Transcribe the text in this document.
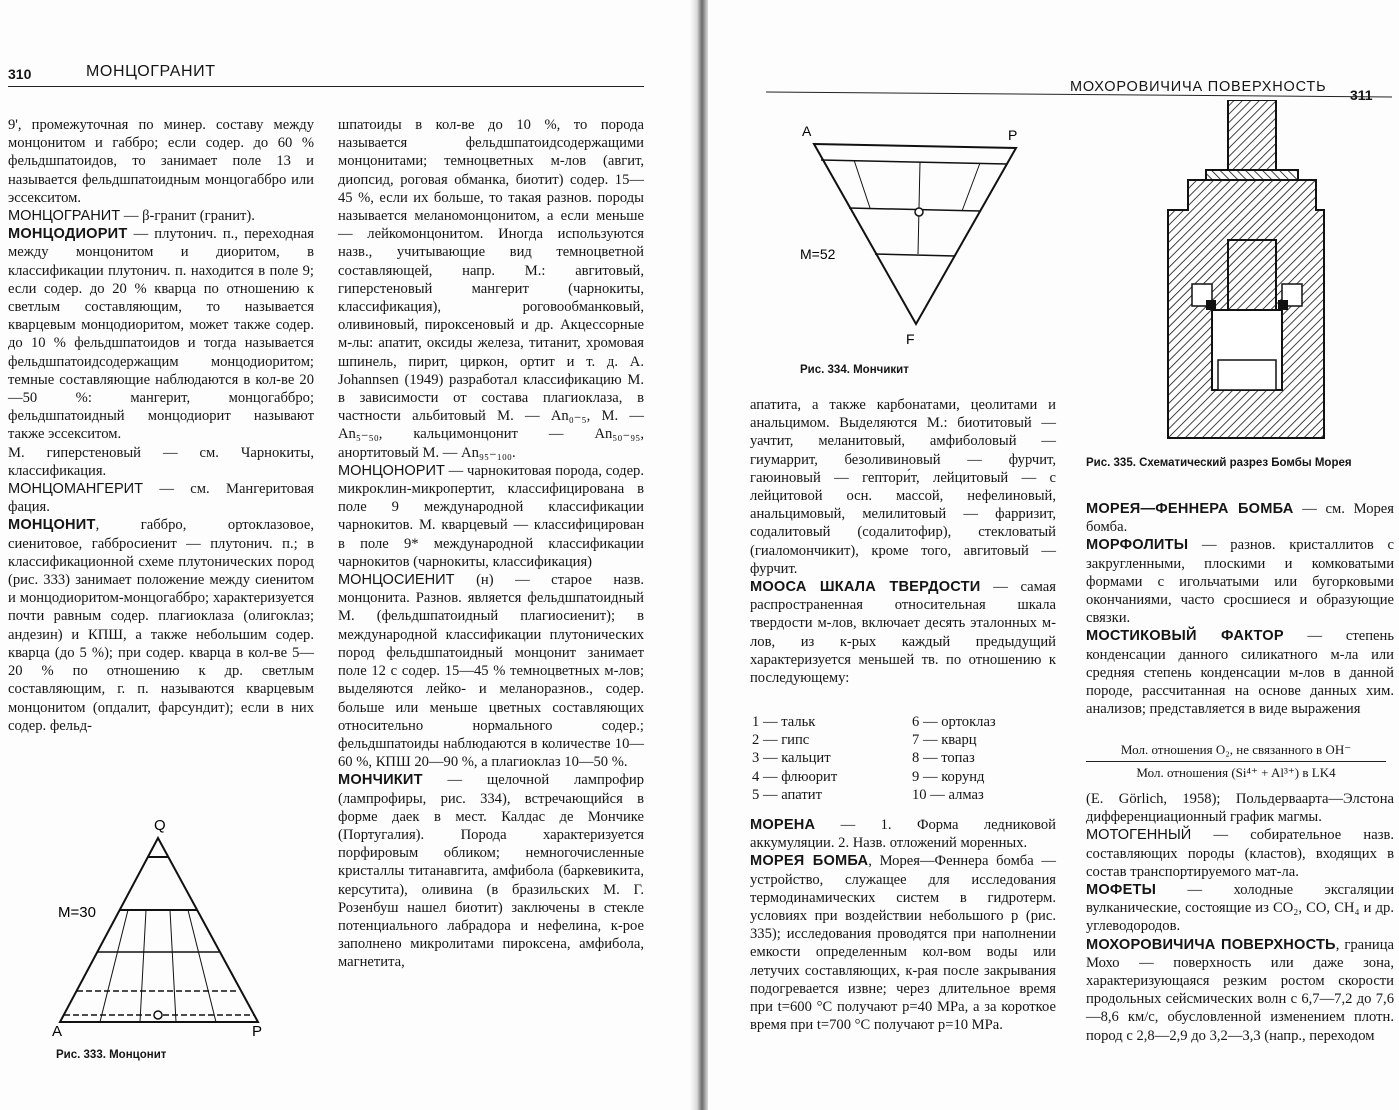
310	МОНЦОГРАНИТ

9', промежуточная по минер. составу между монцонитом и габбро; если содер. до 60 % фельдшпатоидов, то занимает поле 13 и называется фельдшпатоидным монцогаббро или эссекситом.

МОНЦОГРАНИТ — β-гранит (гранит).

МОНЦОДИОРИТ — плутонич. п., переходная между монцонитом и диоритом, в классификации плутонич. п. находится в поле 9; если содер. до 20 % кварца по отношению к светлым составляющим, то называется кварцевым монцодиоритом, может также содер. до 10 % фельдшпатоидов и тогда называется фельдшпатоидсодержащим монцодиоритом; темные составляющие наблюдаются в кол-ве 20—50 %: мангерит, монцогаббро; фельдшпатоидный монцодиорит называют также эссекситом.

М. гиперстеновый — см. Чарнокиты, классификация.

МОНЦОМАНГЕРИТ — см. Мангеритовая фация.

МОНЦОНИТ, габбро, ортоклазовое, сиенитовое, габбросиенит — плутонич. п.; в классификационной схеме плутонических пород (рис. 333) занимает положение между сиенитом и монцодиоритом-монцогаббро; характеризуется почти равным содер. плагиоклаза (олигоклаз; андезин) и КПШ, а также небольшим содер. кварца (до 5 %); при содер. кварца в кол-ве 5—20 % по отношению к др. светлым составляющим, г. п. называются кварцевым монцонитом (опдалит, фарсундит); если в них содер. фельд-

шпатоиды в кол-ве до 10 %, то порода называется фельдшпатоидсодержащими монцонитами; темноцветных м-лов (авгит, диопсид, роговая обманка, биотит) содер. 15—45 %, если их больше, то такая разнов. породы называется меланомонцонитом, а если меньше — лейкомонцонитом. Иногда используются назв., учитывающие вид темноцветной составляющей, напр. М.: авгитовый, гиперстеновый мангерит (чарнокиты, классификация), роговообманковый, оливиновый, пироксеновый и др. Акцессорные м-лы: апатит, оксиды железа, титанит, хромовая шпинель, пирит, циркон, ортит и т. д. A. Johannsen (1949) разработал классификацию М. в зависимости от состава плагиоклаза, в частности альбитовый М. — An₀₋₅, М. — An₅₋₅₀, кальцимонцонит — An₅₀₋₉₅, анортитовый М. — An₉₅₋₁₀₀.

МОНЦОНОРИТ — чарнокитовая порода, содер. микроклин-микропертит, классифицирована в поле 9 международной классификации чарнокитов. М. кварцевый — классифицирован в поле 9* международной классификации чарнокитов (чарнокиты, классификация)

МОНЦОСИЕНИТ (н) — старое назв. монцонита. Разнов. является фельдшпатоидный М. (фельдшпатоидный плагиосиенит); в международной классификации плутонических пород фельдшпатоидный монцонит занимает поле 12 с содер. 15—45 % темноцветных м-лов; выделяются лейко- и меланоразнов., содер. больше или меньше цветных составляющих относительно нормального содер.; фельдшпатоиды наблюдаются в количестве 10—60 %, КПШ 20—90 %, а плагиоклаз 10—50 %.

МОНЧИКИТ — щелочной лампрофир (лампрофиры, рис. 334), встречающийся в форме даек в мест. Калдас де Мончике (Португалия). Порода характеризуется порфировым обликом; немногочисленные кристаллы титанавгита, амфибола (баркевикита, керсутита), оливина (в бразильских М. Г. Розенбуш нашел биотит) заключены в стекле потенциального лабрадора и нефелина, к-рое заполнено микролитами пироксена, амфибола, магнетита,

Q
M=30
A	P
Рис. 333. Монцонит
МОХОРОВИЧИЧА ПОВЕРХНОСТЬ 311
A	P
M=52
F
Рис. 334. Мончикит

апатита, а также карбонатами, цеолитами и анальцимом. Выделяются М.: биотитовый — уачтит, меланитовый, амфиболовый — гиумаррит, безоливиновый — фурчит, гаюиновый — гептори́т, лейцитовый — с лейцитовой осн. массой, нефелиновый, анальцимовый, мелилитовый — фарризит, содалитовый (содалитофир), стекловатый (гиаломончикит), кроме того, авгитовый — фурчит.

МООСА ШКАЛА ТВЕРДОСТИ — самая распространенная относительная шкала твердости м-лов, включает десять эталонных м-лов, из к-рых каждый предыдущий характеризуется меньшей тв. по отношению к последующему:

1 — тальк	6 — ортоклаз
2 — гипс	7 — кварц
3 — кальцит	8 — топаз
4 — флюорит	9 — корунд
5 — апатит	10 — алмаз

МОРЕНА — 1. Форма ледниковой аккумуляции. 2. Назв. отложений моренных.

МОРЕЯ БОМБА, Морея—Феннера бомба — устройство, служащее для исследования термодинамических систем в гидротерм. условиях при воздействии небольшого p (рис. 335); исследования проводятся при наполнении емкости определенным кол-вом воды или летучих составляющих, к-рая после закрывания подогревается извне; через длительное время при t=600 °C получают p=40 MPa, а за короткое время при t=700 °C получают p=10 MPa.

Рис. 335. Схематический разрез Бомбы Морея

МОРЕЯ—ФЕННЕРА БОМБА — см. Морея бомба.

МОРФОЛИТЫ — разнов. кристаллитов с закругленными, плоскими и комковатыми формами с игольчатыми или бугорковыми окончаниями, часто сросшиеся и образующие связки.

МОСТИКОВЫЙ ФАКТОР — степень конденсации данного силикатного м-ла или средняя степень конденсации м-лов в данной породе, рассчитанная на основе данных хим. анализов; представляется в виде выражения

Мол. отношения O₂, не связанного в OH⁻
Мол. отношения (Si⁴⁺ + Al³⁺) в LK4

(E. Görlich, 1958); Польдерваарта—Элстона дифференциационный график магмы.

МОТОГЕННЫЙ — собирательное назв. составляющих породы (кластов), входящих в состав транспортируемого мат-ла.

МОФЕТЫ — холодные эксгаляции вулканические, состоящие из CO₂, CO, CH₄ и др. углеводородов.

МОХОРОВИЧИЧА ПОВЕРХНОСТЬ, граница Мохо — поверхность или даже зона, характеризующаяся резким ростом скорости продольных сейсмических волн с 6,7—7,2 до 7,6—8,6 км/с, обусловленной изменением плотн. пород с 2,8—2,9 до 3,2—3,3 (напр., переходом
